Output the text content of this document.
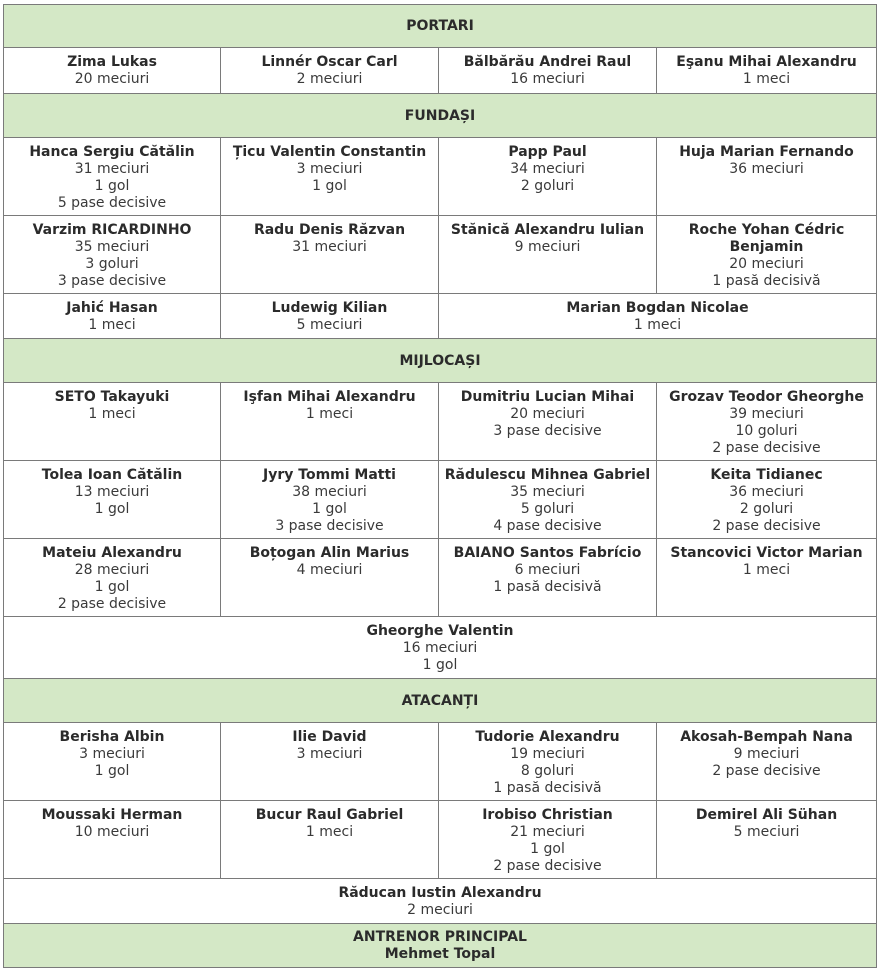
PORTARI
Zima Lukas
20 meciuri
Linnér Oscar Carl
2 meciuri
Bălbărău Andrei Raul
16 meciuri
Eşanu Mihai Alexandru
1 meci
FUNDAȘI
Hanca Sergiu Cătălin
31 meciuri
1 gol
5 pase decisive
Țicu Valentin Constantin
3 meciuri
1 gol
Papp Paul
34 meciuri
2 goluri
Huja Marian Fernando
36 meciuri
Varzim RICARDINHO
35 meciuri
3 goluri
3 pase decisive
Radu Denis Răzvan
31 meciuri
Stănică Alexandru Iulian
9 meciuri
Roche Yohan Cédric Benjamin
20 meciuri
1 pasă decisivă
Jahić Hasan
1 meci
Ludewig Kilian
5 meciuri
Marian Bogdan Nicolae
1 meci
MIJLOCAȘI
SETO Takayuki
1 meci
Işfan Mihai Alexandru
1 meci
Dumitriu Lucian Mihai
20 meciuri
3 pase decisive
Grozav Teodor Gheorghe
39 meciuri
10 goluri
2 pase decisive
Tolea Ioan Cătălin
13 meciuri
1 gol
Jyry Tommi Matti
38 meciuri
1 gol
3 pase decisive
Rădulescu Mihnea Gabriel
35 meciuri
5 goluri
4 pase decisive
Keita Tidianec
36 meciuri
2 goluri
2 pase decisive
Mateiu Alexandru
28 meciuri
1 gol
2 pase decisive
Boțogan Alin Marius
4 meciuri
BAIANO Santos Fabrício
6 meciuri
1 pasă decisivă
Stancovici Victor Marian
1 meci
Gheorghe Valentin
16 meciuri
1 gol
ATACANȚI
Berisha Albin
3 meciuri
1 gol
Ilie David
3 meciuri
Tudorie Alexandru
19 meciuri
8 goluri
1 pasă decisivă
Akosah-Bempah Nana
9 meciuri
2 pase decisive
Moussaki Herman
10 meciuri
Bucur Raul Gabriel
1 meci
Irobiso Christian
21 meciuri
1 gol
2 pase decisive
Demirel Ali Sühan
5 meciuri
Răducan Iustin Alexandru
2 meciuri
ANTRENOR PRINCIPAL
Mehmet Topal
